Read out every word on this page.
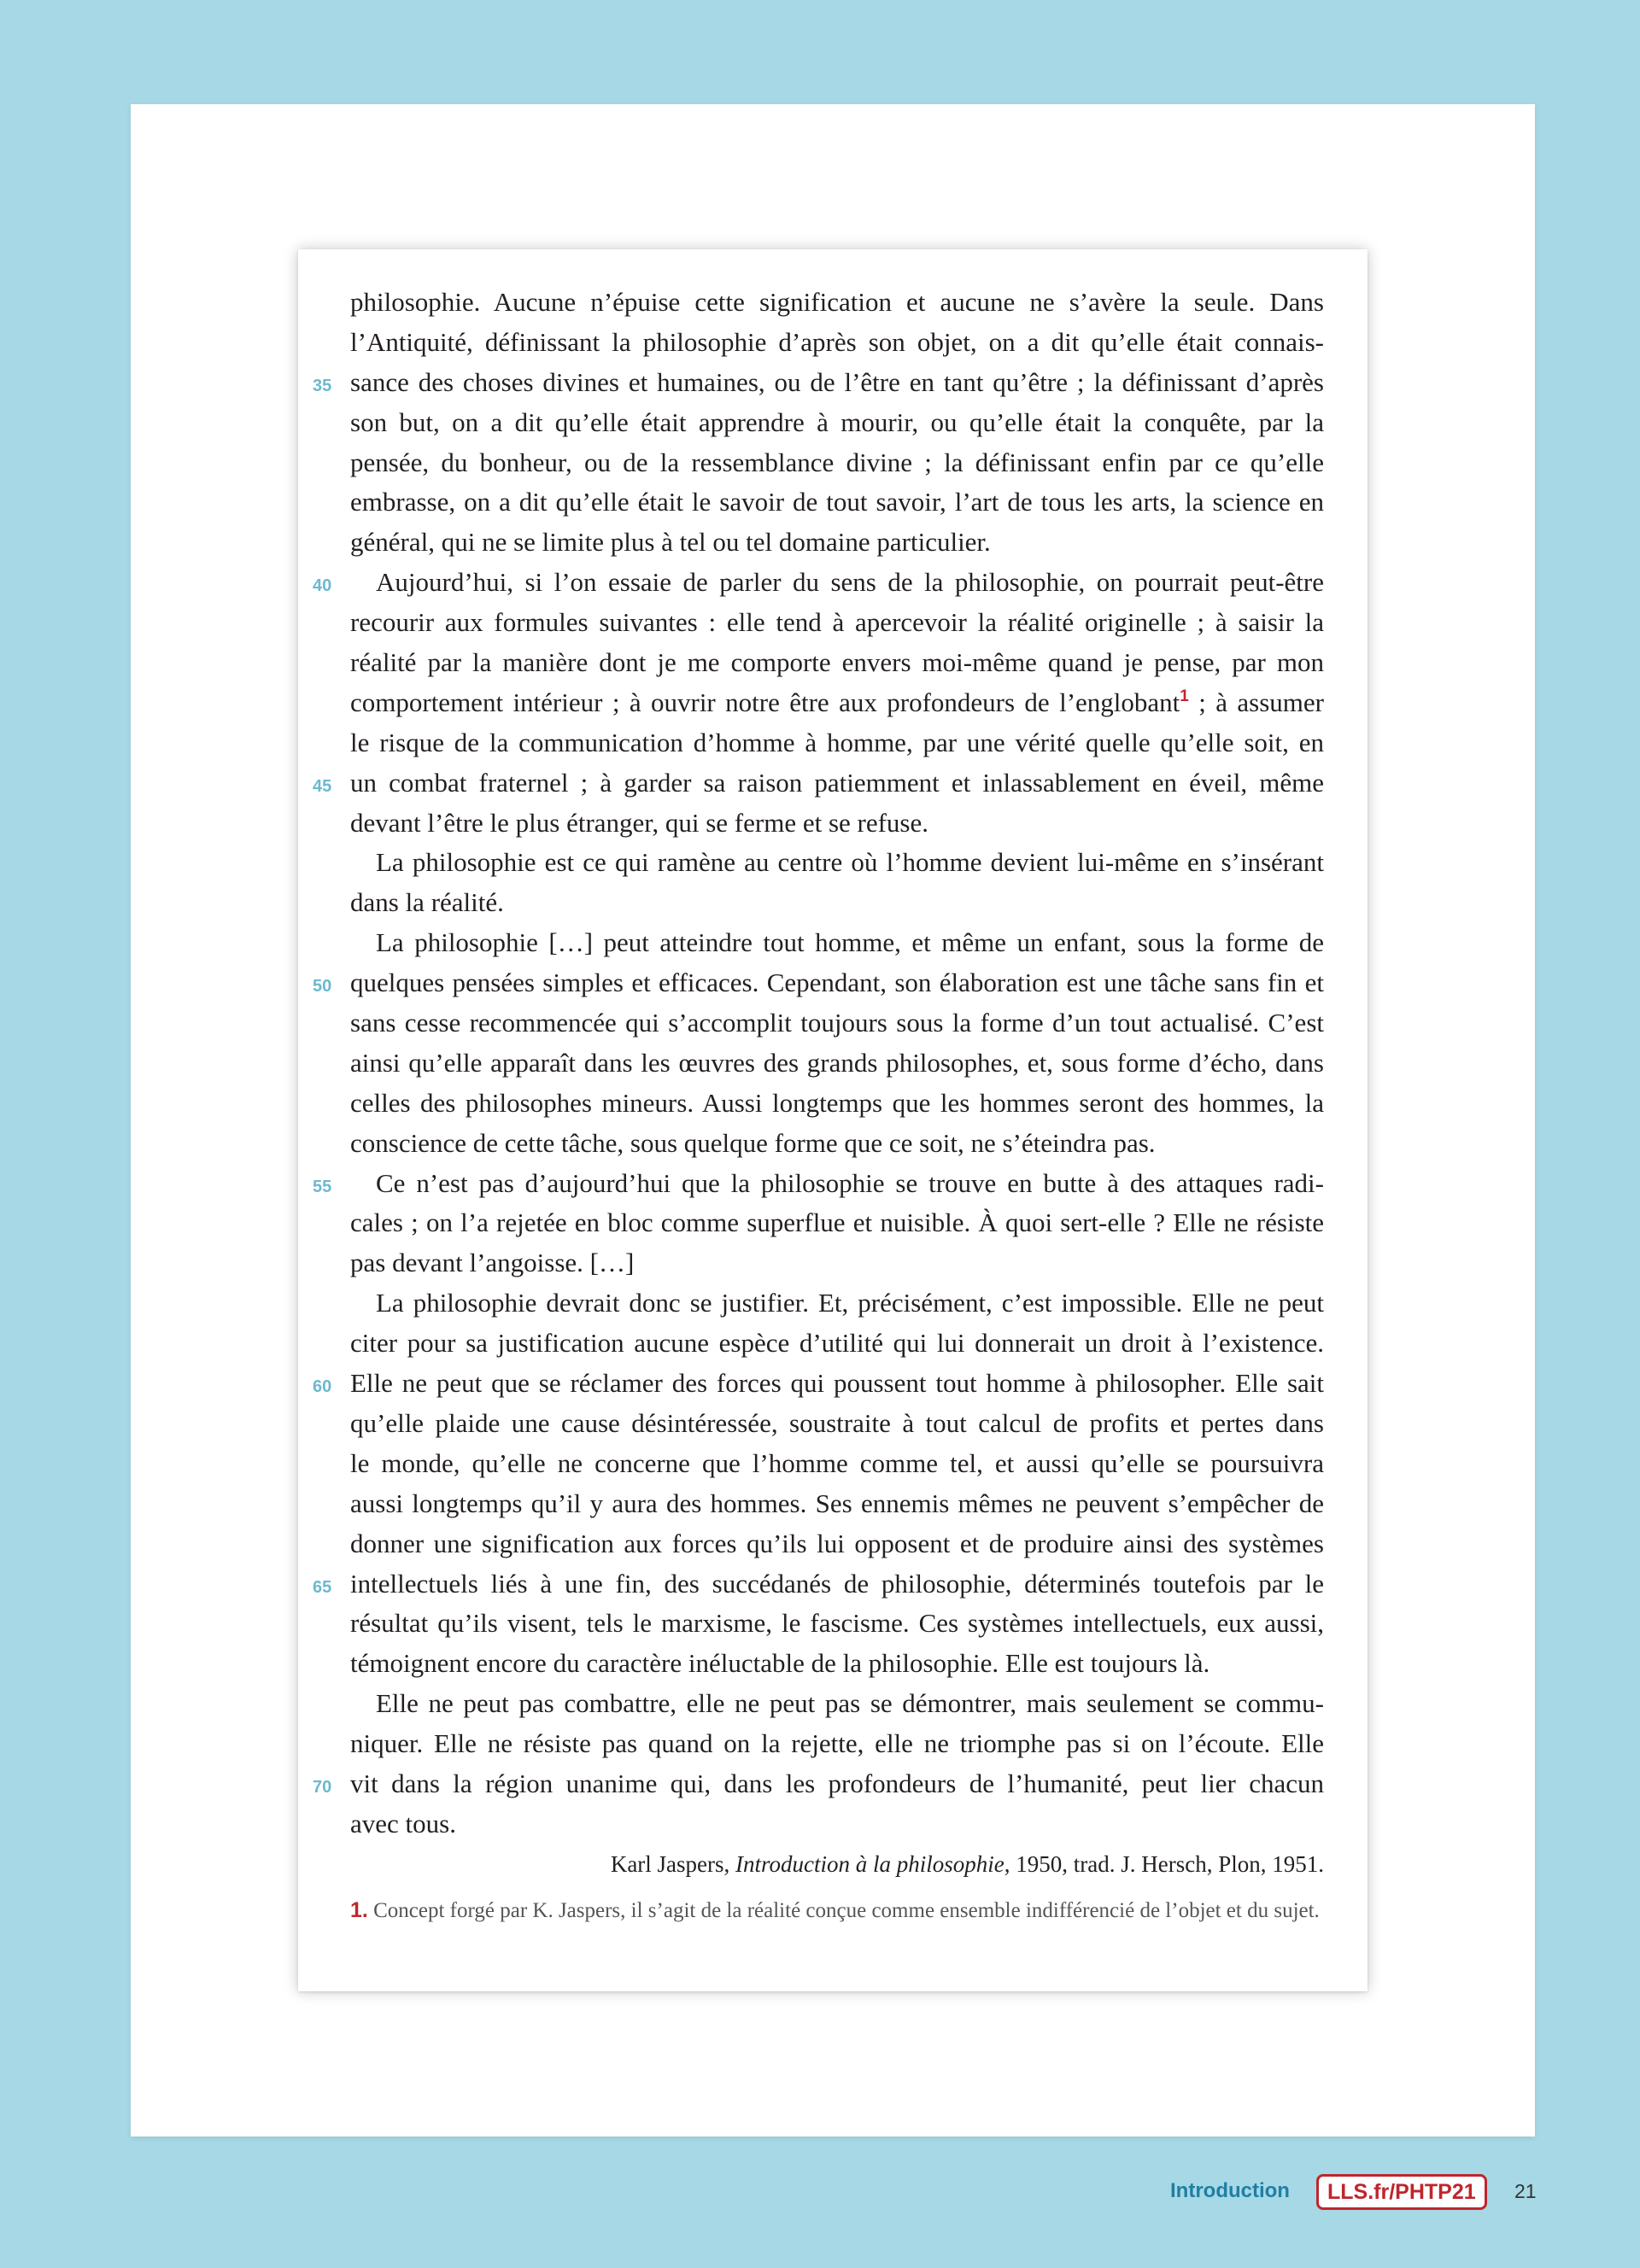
philosophie. Aucune n’épuise cette signification et aucune ne s’avère la seule. Dans
l’Antiquité, définissant la philosophie d’après son objet, on a dit qu’elle était connais-
35 sance des choses divines et humaines, ou de l’être en tant qu’être ; la définissant d’après
son but, on a dit qu’elle était apprendre à mourir, ou qu’elle était la conquête, par la
pensée, du bonheur, ou de la ressemblance divine ; la définissant enfin par ce qu’elle
embrasse, on a dit qu’elle était le savoir de tout savoir, l’art de tous les arts, la science en
général, qui ne se limite plus à tel ou tel domaine particulier.
40 Aujourd’hui, si l’on essaie de parler du sens de la philosophie, on pourrait peut-être
recourir aux formules suivantes : elle tend à apercevoir la réalité originelle ; à saisir la
réalité par la manière dont je me comporte envers moi-même quand je pense, par mon
comportement intérieur ; à ouvrir notre être aux profondeurs de l’englobant$^1$ ; à assumer
le risque de la communication d’homme à homme, par une vérité quelle qu’elle soit, en
45 un combat fraternel ; à garder sa raison patiemment et inlassablement en éveil, même
devant l’être le plus étranger, qui se ferme et se refuse.
La philosophie est ce qui ramène au centre où l’homme devient lui-même en s’insérant
dans la réalité.
La philosophie […] peut atteindre tout homme, et même un enfant, sous la forme de
50 quelques pensées simples et efficaces. Cependant, son élaboration est une tâche sans fin et
sans cesse recommencée qui s’accomplit toujours sous la forme d’un tout actualisé. C’est
ainsi qu’elle apparaît dans les œuvres des grands philosophes, et, sous forme d’écho, dans
celles des philosophes mineurs. Aussi longtemps que les hommes seront des hommes, la
conscience de cette tâche, sous quelque forme que ce soit, ne s’éteindra pas.
55 Ce n’est pas d’aujourd’hui que la philosophie se trouve en butte à des attaques radi-
cales ; on l’a rejetée en bloc comme superflue et nuisible. À quoi sert-elle ? Elle ne résiste
pas devant l’angoisse. […]
La philosophie devrait donc se justifier. Et, précisément, c’est impossible. Elle ne peut
citer pour sa justification aucune espèce d’utilité qui lui donnerait un droit à l’existence.
60 Elle ne peut que se réclamer des forces qui poussent tout homme à philosopher. Elle sait
qu’elle plaide une cause désintéressée, soustraite à tout calcul de profits et pertes dans
le monde, qu’elle ne concerne que l’homme comme tel, et aussi qu’elle se poursuivra
aussi longtemps qu’il y aura des hommes. Ses ennemis mêmes ne peuvent s’empêcher de
donner une signification aux forces qu’ils lui opposent et de produire ainsi des systèmes
65 intellectuels liés à une fin, des succédanés de philosophie, déterminés toutefois par le
résultat qu’ils visent, tels le marxisme, le fascisme. Ces systèmes intellectuels, eux aussi,
témoignent encore du caractère inéluctable de la philosophie. Elle est toujours là.
Elle ne peut pas combattre, elle ne peut pas se démontrer, mais seulement se commu-
niquer. Elle ne résiste pas quand on la rejette, elle ne triomphe pas si on l’écoute. Elle
70 vit dans la région unanime qui, dans les profondeurs de l’humanité, peut lier chacun
avec tous.
Karl Jaspers, Introduction à la philosophie, 1950, trad. J. Hersch, Plon, 1951.
1. Concept forgé par K. Jaspers, il s’agit de la réalité conçue comme ensemble indifférencié de l’objet et du sujet.
Introduction	LLS.fr/PHTP21	21
